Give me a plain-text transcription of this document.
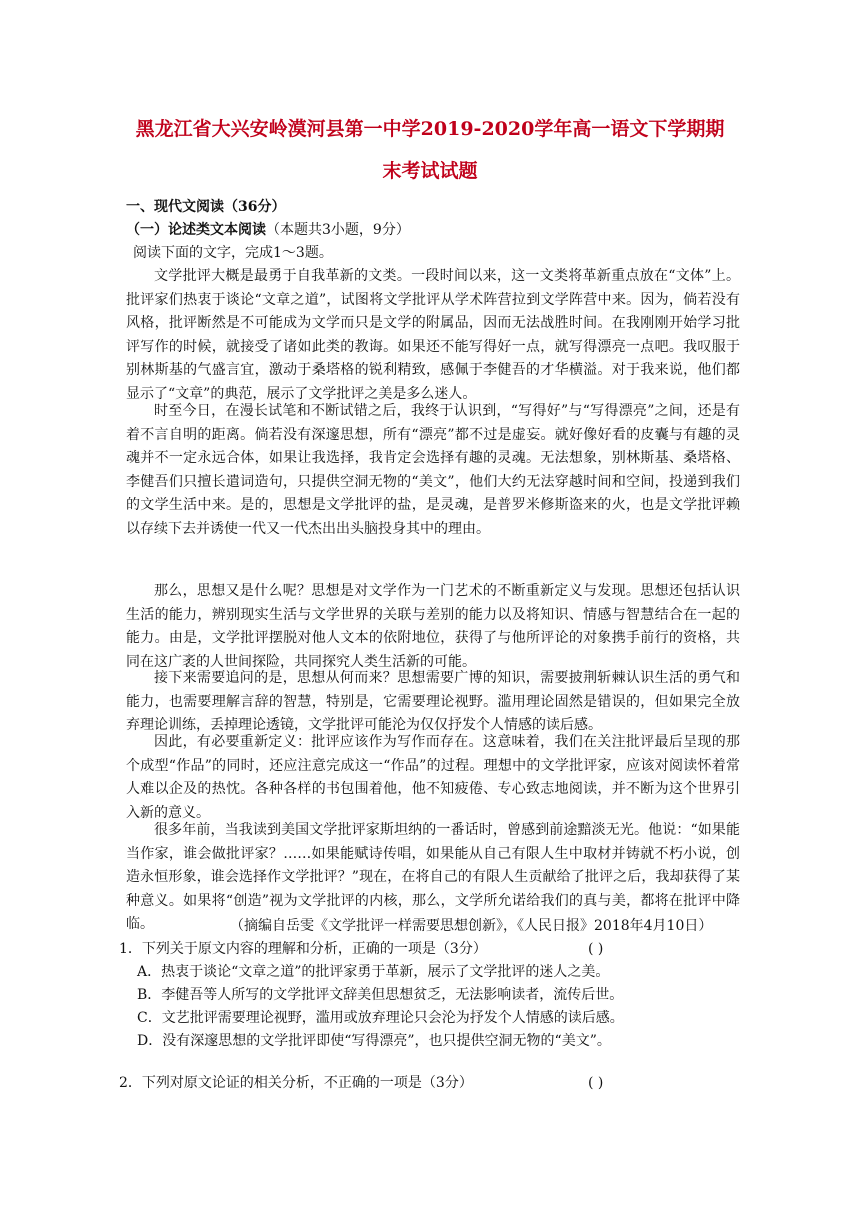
黑龙江省大兴安岭漠河县第一中学2019-2020学年高一语文下学期期
末考试试题
一、现代文阅读（36分）
（一）论述类文本阅读（本题共3小题，9分）
阅读下面的文字，完成1～3题。

文学批评大概是最勇于自我革新的文类。一段时间以来，这一文类将革新重点放在“文体”上。批评家们热衷于谈论“文章之道”，试图将文学批评从学术阵营拉到文学阵营中来。因为，倘若没有风格，批评断然是不可能成为文学而只是文学的附属品，因而无法战胜时间。在我刚刚开始学习批评写作的时候，就接受了诸如此类的教诲。如果还不能写得好一点，就写得漂亮一点吧。我叹服于别林斯基的气盛言宜，激动于桑塔格的锐利精致，感佩于李健吾的才华横溢。对于我来说，他们都显示了“文章”的典范，展示了文学批评之美是多么迷人。

时至今日，在漫长试笔和不断试错之后，我终于认识到，“写得好”与“写得漂亮”之间，还是有着不言自明的距离。倘若没有深邃思想，所有“漂亮”都不过是虚妄。就好像好看的皮囊与有趣的灵魂并不一定永远合体，如果让我选择，我肯定会选择有趣的灵魂。无法想象，别林斯基、桑塔格、李健吾们只擅长遣词造句，只提供空洞无物的“美文”，他们大约无法穿越时间和空间，投递到我们的文学生活中来。是的，思想是文学批评的盐，是灵魂，是普罗米修斯盗来的火，也是文学批评赖以存续下去并诱使一代又一代杰出出头脑投身其中的理由。

那么，思想又是什么呢？思想是对文学作为一门艺术的不断重新定义与发现。思想还包括认识生活的能力，辨别现实生活与文学世界的关联与差别的能力以及将知识、情感与智慧结合在一起的能力。由是，文学批评摆脱对他人文本的依附地位，获得了与他所评论的对象携手前行的资格，共同在这广袤的人世间探险，共同探究人类生活新的可能。

接下来需要追问的是，思想从何而来？思想需要广博的知识，需要披荆斩棘认识生活的勇气和能力，也需要理解言辞的智慧，特别是，它需要理论视野。滥用理论固然是错误的，但如果完全放弃理论训练，丢掉理论透镜，文学批评可能沦为仅仅抒发个人情感的读后感。

因此，有必要重新定义：批评应该作为写作而存在。这意味着，我们在关注批评最后呈现的那个成型“作品”的同时，还应注意完成这一“作品”的过程。理想中的文学批评家，应该对阅读怀着常人难以企及的热忱。各种各样的书包围着他，他不知疲倦、专心致志地阅读，并不断为这个世界引入新的意义。

很多年前，当我读到美国文学批评家斯坦纳的一番话时，曾感到前途黯淡无光。他说：“如果能当作家，谁会做批评家？……如果能赋诗传唱，如果能从自己有限人生中取材并铸就不朽小说，创造永恒形象，谁会选择作文学批评？”现在，在将自己的有限人生贡献给了批评之后，我却获得了某种意义。如果将“创造”视为文学批评的内核，那么，文学所允诺给我们的真与美，都将在批评中降临。	（摘编自岳雯《文学批评一样需要思想创新》，《人民日报》2018年4月10日）
1．下列关于原文内容的理解和分析，正确的一项是（3分）	( )
A．热衷于谈论“文章之道”的批评家勇于革新，展示了文学批评的迷人之美。
B．李健吾等人所写的文学批评文辞美但思想贫乏，无法影响读者，流传后世。
C．文艺批评需要理论视野，滥用或放弃理论只会沦为抒发个人情感的读后感。
D．没有深邃思想的文学批评即使“写得漂亮”，也只提供空洞无物的“美文”。
2．下列对原文论证的相关分析，不正确的一项是（3分）	( )
